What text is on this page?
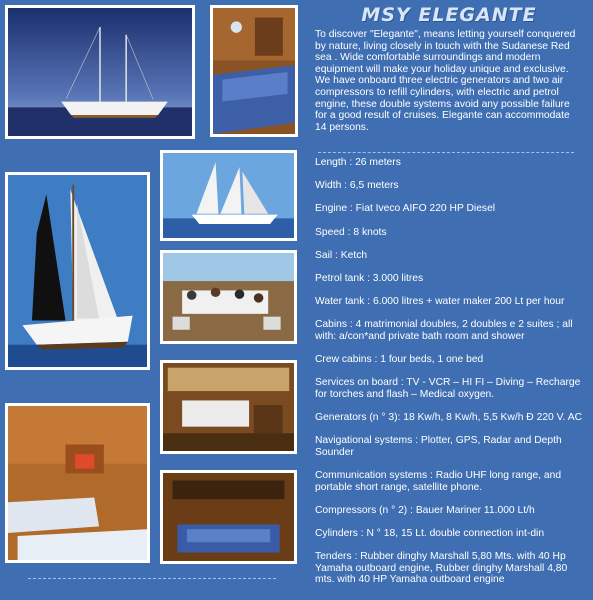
MSY ELEGANTE
To discover "Elegante", means letting yourself conquered by nature, living closely in touch with the Sudanese Red sea . Wide comfortable surroundings and modern equipment will make your holiday unique and exclusive. We have onboard three electric generators and two air compressors to refill cylinders, with electric and petrol engine, these double systems avoid any possible failure for a good result of cruises. Elegante can accommodate 14 persons.
Length : 26 meters
Width : 6,5 meters
Engine : Fiat Iveco AIFO 220 HP Diesel
Speed : 8 knots
Sail : Ketch
Petrol tank : 3.000 litres
Water tank : 6.000 litres + water maker 200 Lt per hour
Cabins : 4 matrimonial doubles, 2 doubles e 2 suites ; all with: a/con*and private bath room and shower
Crew cabins : 1 four beds, 1 one bed
Services on board : TV - VCR – HI FI – Diving – Recharge for torches and flash – Medical oxygen.
Generators (n ° 3): 18 Kw/h, 8 Kw/h, 5,5 Kw/h Ð 220 V. AC
Navigational systems : Plotter, GPS, Radar and Depth Sounder
Communication systems : Radio UHF long range, and portable short range, satellite phone.
Compressors (n ° 2) : Bauer Mariner 11.000 Lt/h
Cylinders : N ° 18, 15 Lt. double connection int-din
Tenders : Rubber dinghy Marshall 5,80 Mts. with 40 Hp Yamaha outboard engine, Rubber dinghy Marshall 4,80 mts. with 40 HP Yamaha outboard engine
